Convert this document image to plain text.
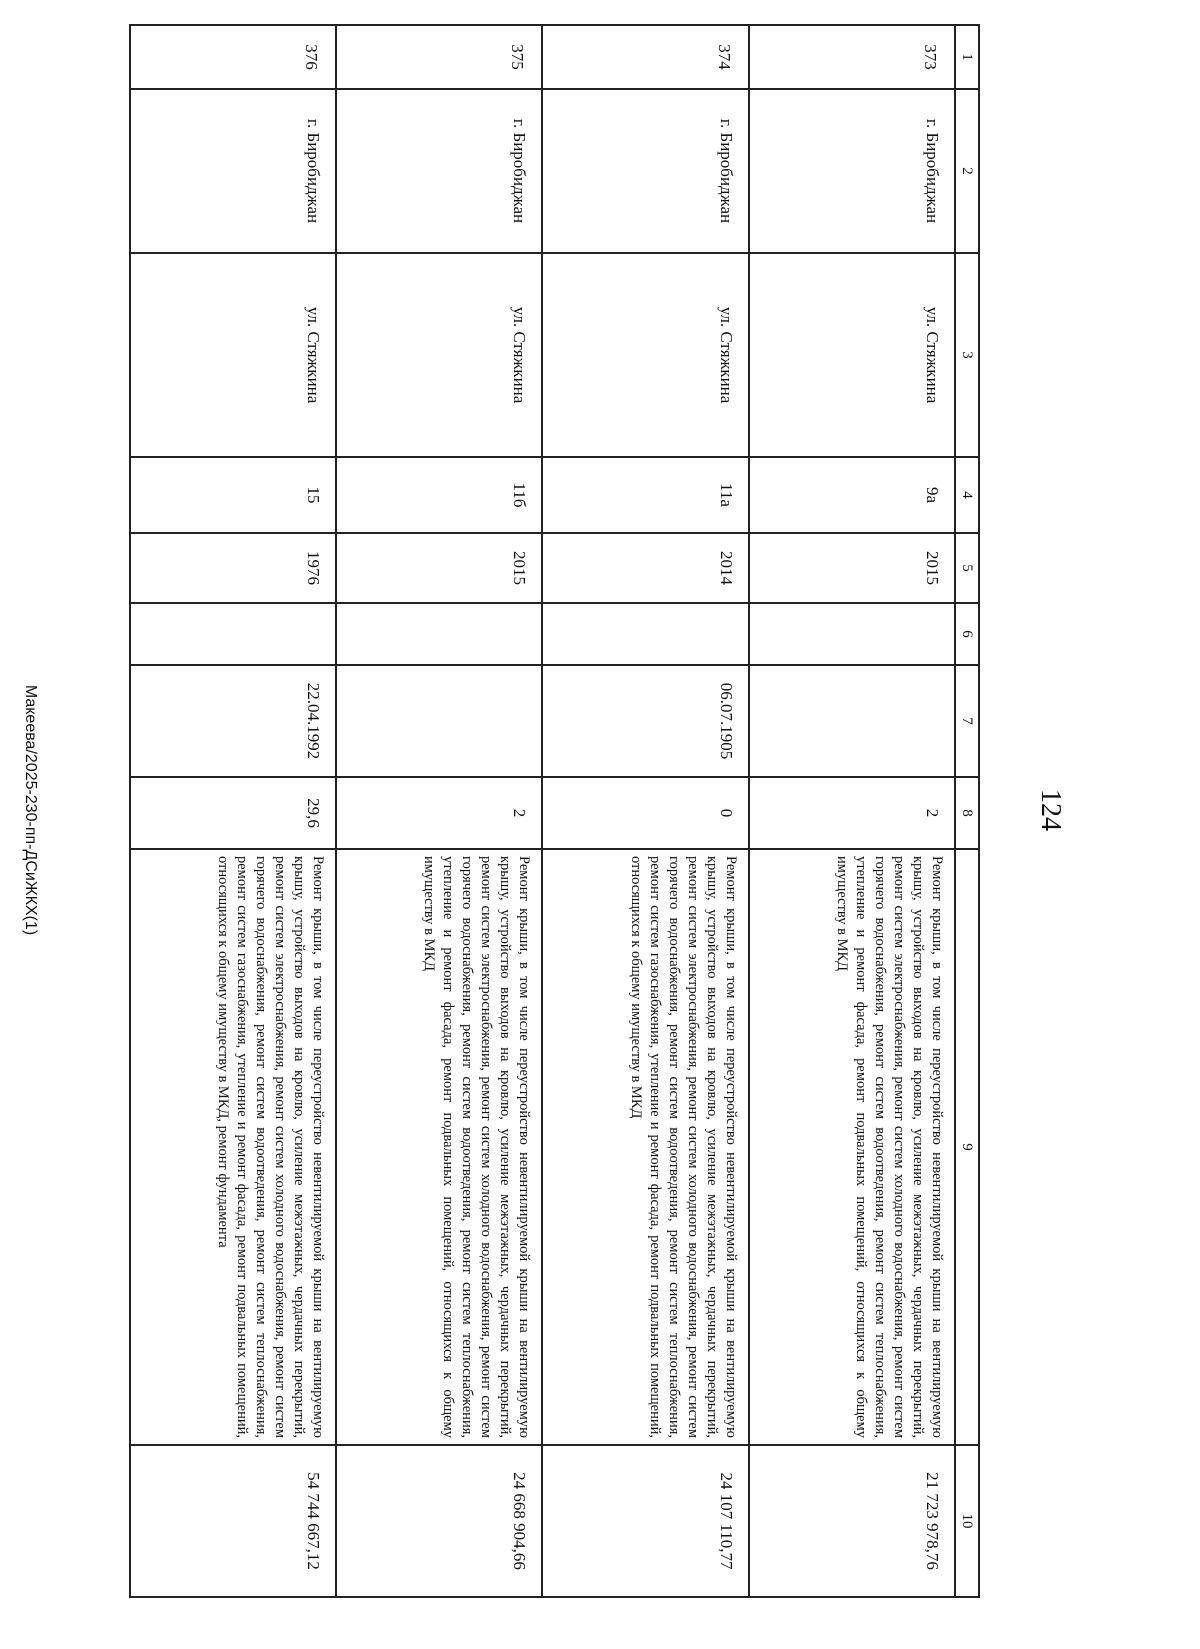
124
1	2	3	4	5	6	7	8	9	10
373	г. Биробиджан	ул. Стяжкина	9а	2015			2	Ремонт крыши, в том числе переустройство невентилируемой крыши на вентилируемую крышу, устройство выходов на кровлю, усиление межэтажных, чердачных перекрытий, ремонт систем электроснабжения, ремонт систем холодного водоснабжения, ремонт систем горячего водоснабжения, ремонт систем водоотведения, ремонт систем теплоснабжения, утепление и ремонт фасада, ремонт подвальных помещений, относящихся к общему имуществу в МКД	21 723 978,76
374	г. Биробиджан	ул. Стяжкина	11а	2014		06.07.1905	0	Ремонт крыши, в том числе переустройство невентилируемой крыши на вентилируемую крышу, устройство выходов на кровлю, усиление межэтажных, чердачных перекрытий, ремонт систем электроснабжения, ремонт систем холодного водоснабжения, ремонт систем горячего водоснабжения, ремонт систем водоотведения, ремонт систем теплоснабжения, ремонт систем газоснабжения, утепление и ремонт фасада, ремонт подвальных помещений, относящихся к общему имуществу в МКД	24 107 110,77
375	г. Биробиджан	ул. Стяжкина	11б	2015			2	Ремонт крыши, в том числе переустройство невентилируемой крыши на вентилируемую крышу, устройство выходов на кровлю, усиление межэтажных, чердачных перекрытий, ремонт систем электроснабжения, ремонт систем холодного водоснабжения, ремонт систем горячего водоснабжения, ремонт систем водоотведения, ремонт систем теплоснабжения, утепление и ремонт фасада, ремонт подвальных помещений, относящихся к общему имуществу в МКД	24 668 904,66
376	г. Биробиджан	ул. Стяжкина	15	1976		22.04.1992	29,6	Ремонт крыши, в том числе переустройство невентилируемой крыши на вентилируемую крышу, устройство выходов на кровлю, усиление межэтажных, чердачных перекрытий, ремонт систем электроснабжения, ремонт систем холодного водоснабжения, ремонт систем горячего водоснабжения, ремонт систем водоотведения, ремонт систем теплоснабжения, ремонт систем газоснабжения, утепление и ремонт фасада, ремонт подвальных помещений, относящихся к общему имуществу в МКД, ремонт фундамента	54 744 667,12
Макеева/2025-230-пп-ДСиЖКХ(1)
